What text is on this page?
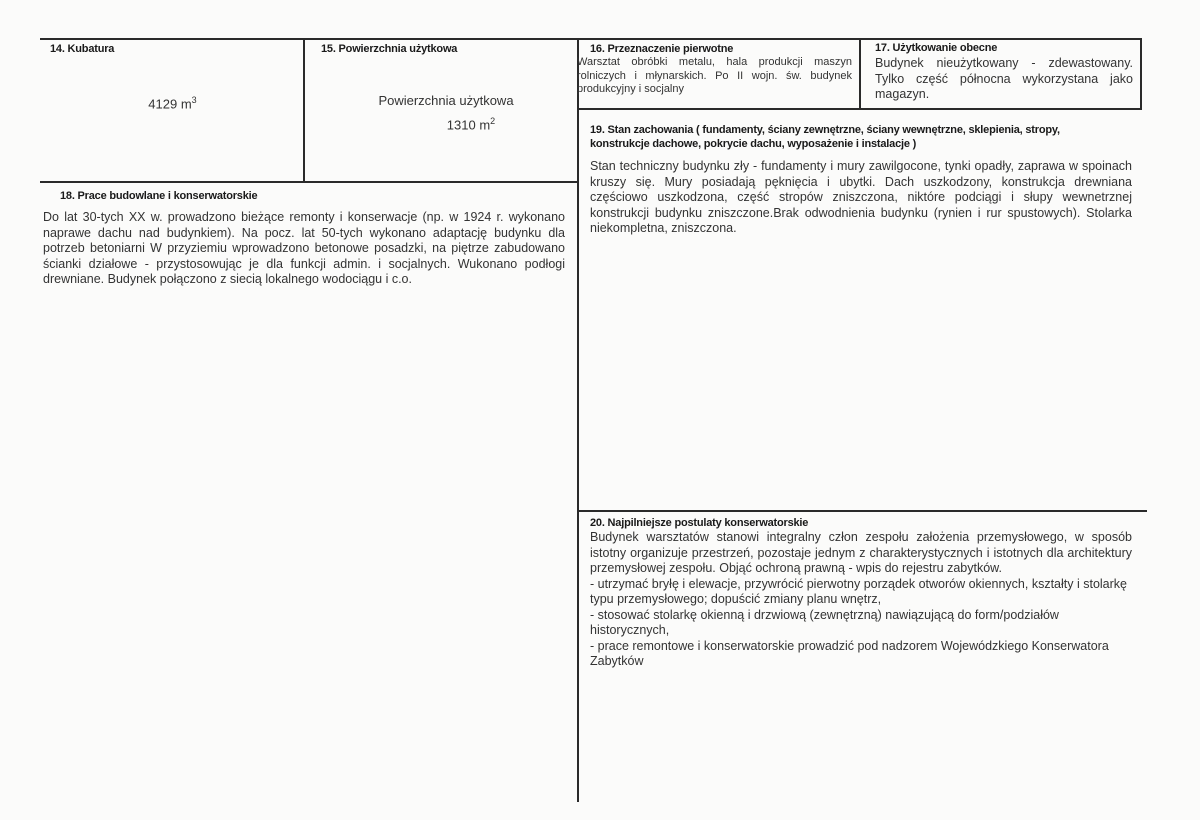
14. Kubatura
4129 $m^3$
15. Powierzchnia użytkowa
Powierzchnia użytkowa
1310 $m^2$
16. Przeznaczenie pierwotne
Warsztat obróbki metalu, hala produkcji maszyn rolniczych i młynarskich. Po II wojn. św. budynek produkcyjny i socjalny
17. Użytkowanie obecne
Budynek nieużytkowany - zdewastowany. Tylko część północna wykorzystana jako magazyn.
18. Prace budowlane i konserwatorskie
Do lat 30-tych XX w. prowadzono bieżące remonty i konserwacje (np. w 1924 r. wykonano naprawe dachu nad budynkiem). Na pocz. lat 50-tych wykonano adaptację budynku dla potrzeb betoniarni W przyziemiu wprowadzono betonowe posadzki, na piętrze zabudowano ścianki działowe - przystosowując je dla funkcji admin. i socjalnych. Wukonano podłogi drewniane. Budynek połączono z siecią lokalnego wodociągu i c.o.
19. Stan zachowania ( fundamenty, ściany zewnętrzne, ściany wewnętrzne, sklepienia, stropy, konstrukcje dachowe, pokrycie dachu, wyposażenie i instalacje )
Stan techniczny budynku zły - fundamenty i mury zawilgocone, tynki opadły, zaprawa w spoinach kruszy się. Mury posiadają pęknięcia i ubytki. Dach uszkodzony, konstrukcja drewniana częściowo uszkodzona, część stropów zniszczona, niktóre podciągi i słupy wewnetrznej konstrukcji budynku zniszczone.Brak odwodnienia budynku (rynien i rur spustowych). Stolarka niekompletna, zniszczona.
20. Najpilniejsze postulaty konserwatorskie
Budynek warsztatów stanowi integralny człon zespołu założenia przemysłowego, w sposób istotny organizuje przestrzeń, pozostaje jednym z charakterystycznych i istotnych dla architektury przemysłowej zespołu. Objąć ochroną prawną - wpis do rejestru zabytków.
- utrzymać bryłę i elewacje, przywrócić pierwotny porządek otworów okiennych, kształty i stolarkę typu przemysłowego; dopuścić zmiany planu wnętrz,
- stosować stolarkę okienną i drzwiową (zewnętrzną) nawiązującą do form/podziałów historycznych,
- prace remontowe i konserwatorskie prowadzić pod nadzorem Wojewódzkiego Konserwatora Zabytków
